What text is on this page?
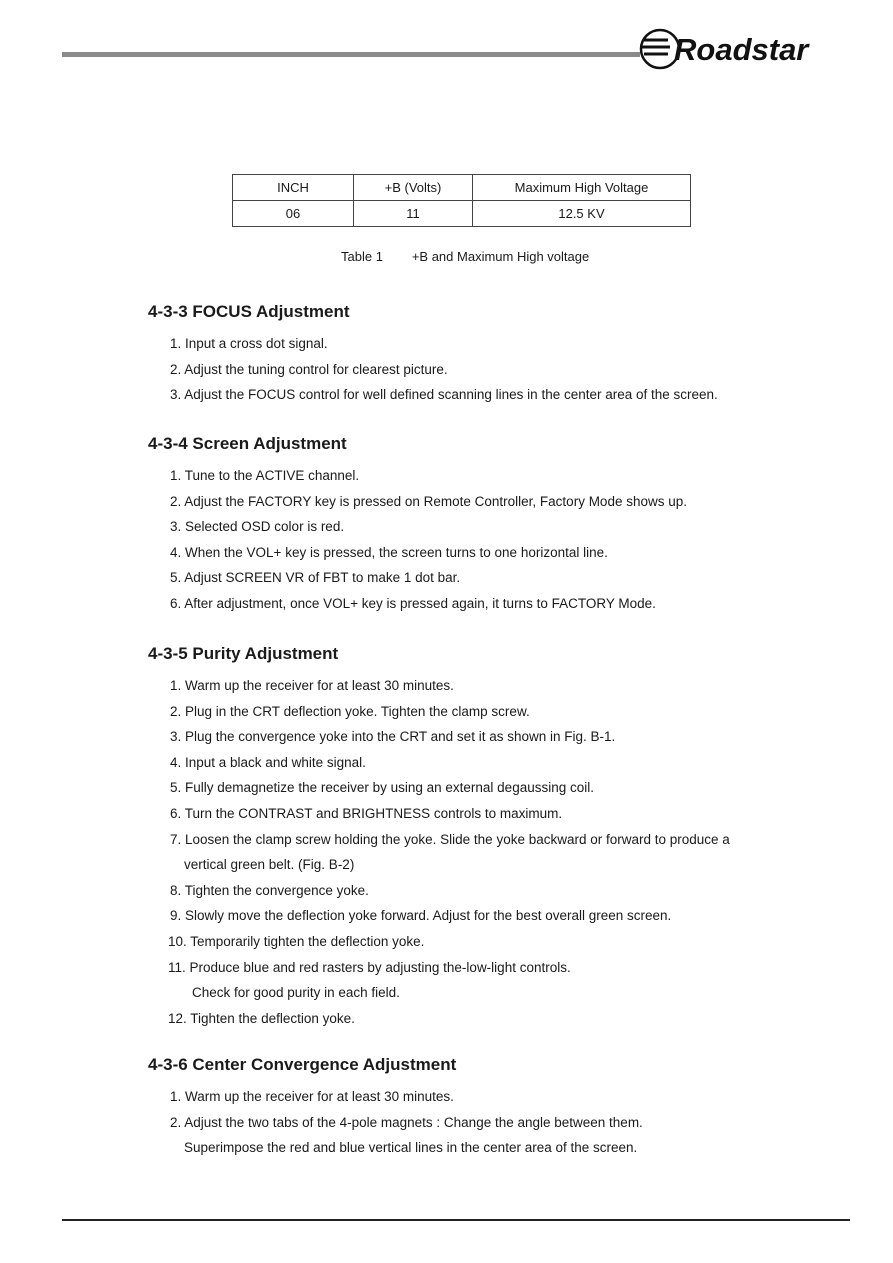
Roadstar
INCH	+B (Volts)	Maximum High Voltage
06	11	12.5 KV
Table 1 +B and Maximum High voltage
4-3-3 FOCUS Adjustment
1. Input a cross dot signal.
2. Adjust the tuning control for clearest picture.
3. Adjust the FOCUS control for well defined scanning lines in the center area of the screen.
4-3-4 Screen Adjustment
1. Tune to the ACTIVE channel.
2. Adjust the FACTORY key is pressed on Remote Controller, Factory Mode shows up.
3. Selected OSD color is red.
4. When the VOL+ key is pressed, the screen turns to one horizontal line.
5. Adjust SCREEN VR of FBT to make 1 dot bar.
6. After adjustment, once VOL+ key is pressed again, it turns to FACTORY Mode.
4-3-5 Purity Adjustment
1. Warm up the receiver for at least 30 minutes.
2. Plug in the CRT deflection yoke. Tighten the clamp screw.
3. Plug the convergence yoke into the CRT and set it as shown in Fig. B-1.
4. Input a black and white signal.
5. Fully demagnetize the receiver by using an external degaussing coil.
6. Turn the CONTRAST and BRIGHTNESS controls to maximum.
7. Loosen the clamp screw holding the yoke. Slide the yoke backward or forward to produce a
vertical green belt. (Fig. B-2)
8. Tighten the convergence yoke.
9. Slowly move the deflection yoke forward. Adjust for the best overall green screen.
10. Temporarily tighten the deflection yoke.
11. Produce blue and red rasters by adjusting the-low-light controls.
Check for good purity in each field.
12. Tighten the deflection yoke.
4-3-6 Center Convergence Adjustment
1. Warm up the receiver for at least 30 minutes.
2. Adjust the two tabs of the 4-pole magnets : Change the angle between them.
Superimpose the red and blue vertical lines in the center area of the screen.
